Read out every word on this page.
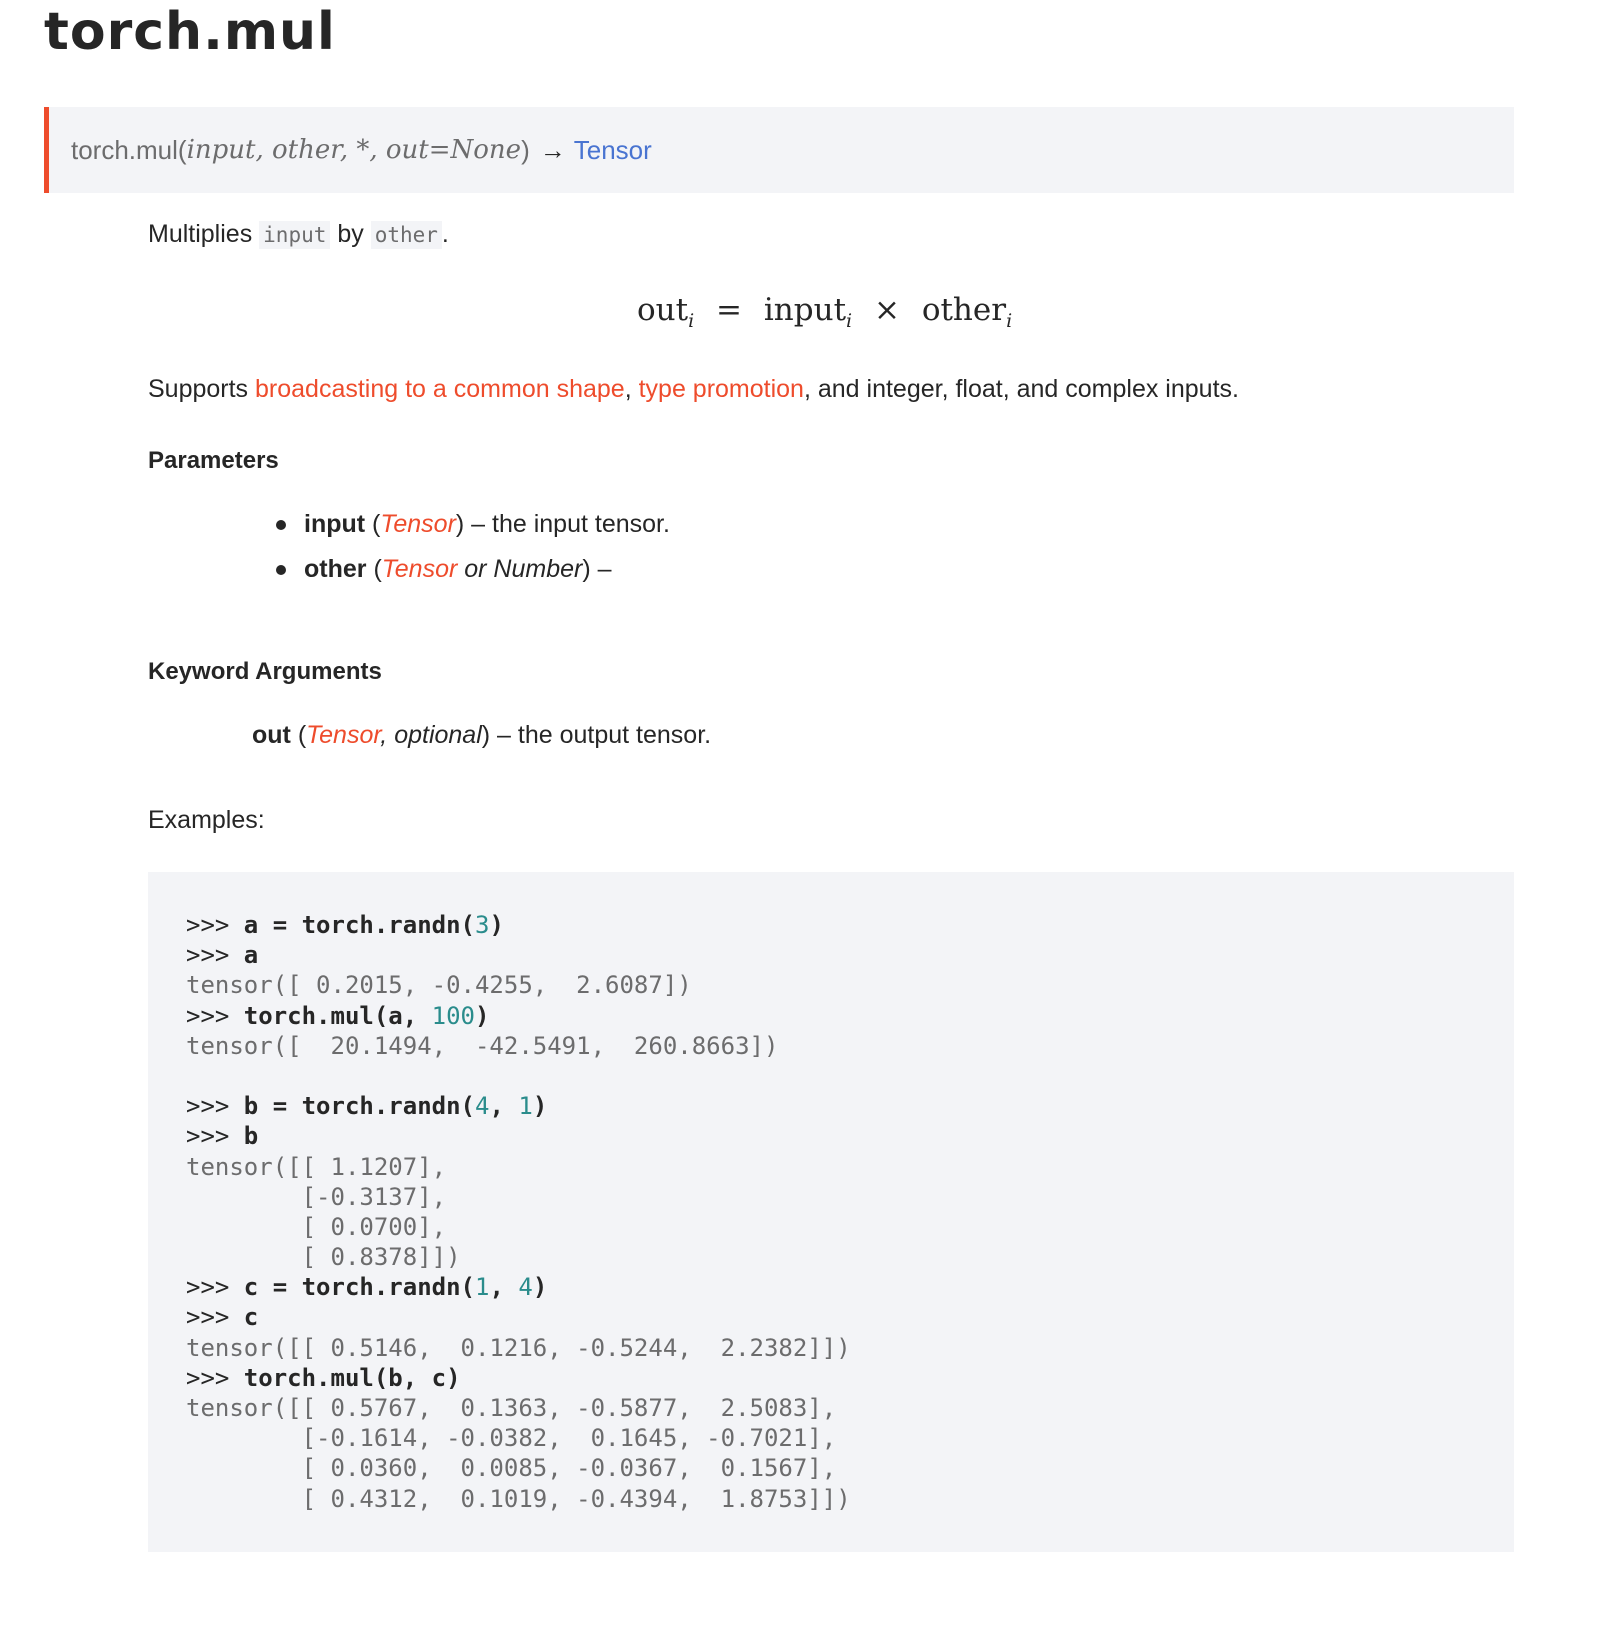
torch.mul
torch.mul ( input, other, *, out=None ) → Tensor
Multiplies input by other .
out$_i$ = input$_i$ × other$_i$
Supports broadcasting to a common shape, type promotion, and integer, float, and complex inputs.
Parameters
input
( Tensor )
– the input tensor.
other
( Tensor
or Number )
–
Keyword Arguments
out (Tensor, optional) – the output tensor.
Examples:
>>> a = torch.randn(3)
>>> a
tensor([ 0.2015, -0.4255,  2.6087])
>>> torch.mul(a, 100)
tensor([  20.1494,  -42.5491,  260.8663])
>>> b = torch.randn(4, 1)
>>> b
tensor([[ 1.1207],
[-0.3137],
[ 0.0700],
[ 0.8378]])
>>> c = torch.randn(1, 4)
>>> c
tensor([[ 0.5146,  0.1216, -0.5244,  2.2382]])
>>> torch.mul(b, c)
tensor([[ 0.5767,  0.1363, -0.5877,  2.5083],
[-0.1614, -0.0382,  0.1645, -0.7021],
[ 0.0360,  0.0085, -0.0367,  0.1567],
[ 0.4312,  0.1019, -0.4394,  1.8753]])
